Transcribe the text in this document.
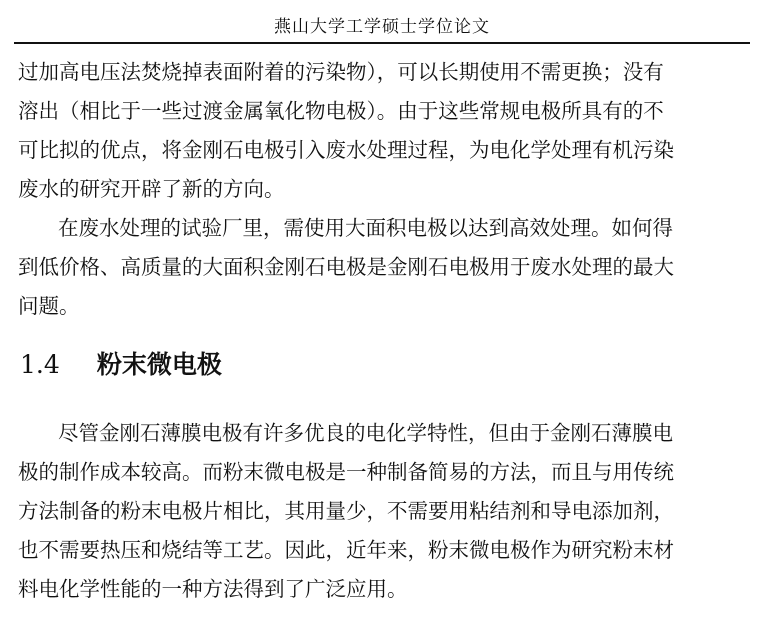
燕山大学工学硕士学位论文
过加高电压法焚烧掉表面附着的污染物），可以长期使用不需更换；没有
溶出（相比于一些过渡金属氧化物电极）。由于这些常规电极所具有的不
可比拟的优点，将金刚石电极引入废水处理过程，为电化学处理有机污染
废水的研究开辟了新的方向。
在废水处理的试验厂里，需使用大面积电极以达到高效处理。如何得
到低价格、高质量的大面积金刚石电极是金刚石电极用于废水处理的最大
问题。
1.4 粉末微电极
尽管金刚石薄膜电极有许多优良的电化学特性，但由于金刚石薄膜电
极的制作成本较高。而粉末微电极是一种制备简易的方法，而且与用传统
方法制备的粉末电极片相比，其用量少，不需要用粘结剂和导电添加剂，
也不需要热压和烧结等工艺。因此，近年来，粉末微电极作为研究粉末材
料电化学性能的一种方法得到了广泛应用。
